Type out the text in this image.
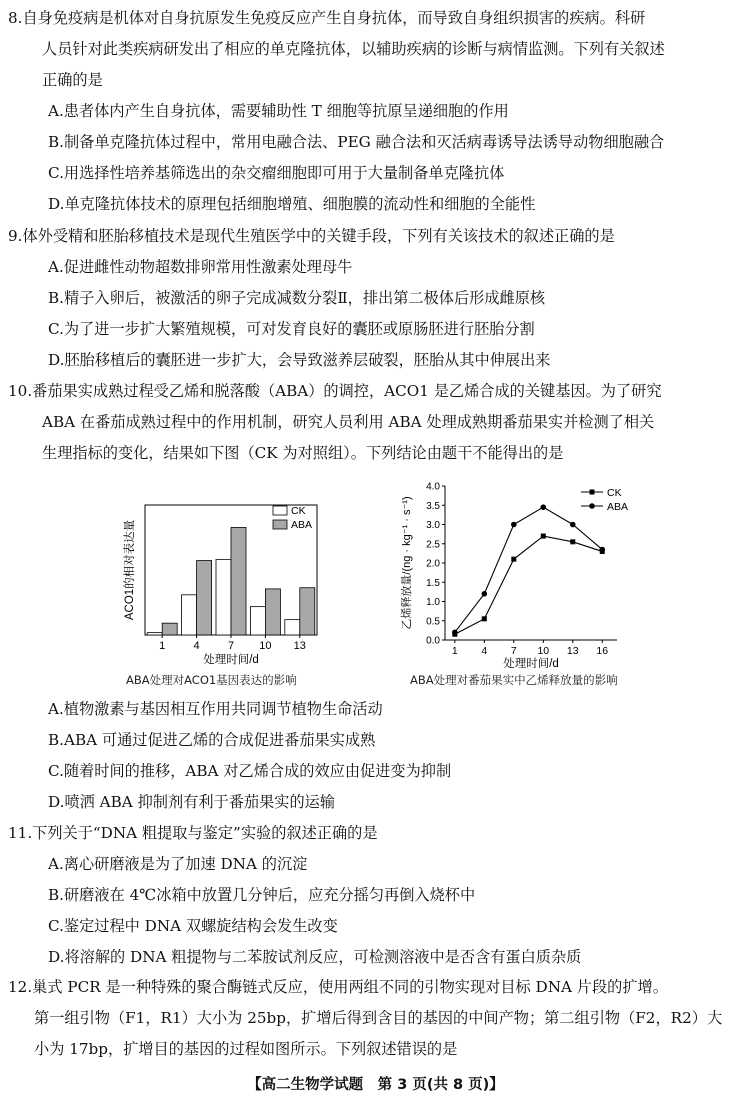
8.自身免疫病是机体对自身抗原发生免疫反应产生自身抗体，而导致自身组织损害的疾病。科研

人员针对此类疾病研发出了相应的单克隆抗体，以辅助疾病的诊断与病情监测。下列有关叙述

正确的是

A.患者体内产生自身抗体，需要辅助性 T 细胞等抗原呈递细胞的作用

B.制备单克隆抗体过程中，常用电融合法、PEG 融合法和灭活病毒诱导法诱导动物细胞融合

C.用选择性培养基筛选出的杂交瘤细胞即可用于大量制备单克隆抗体

D.单克隆抗体技术的原理包括细胞增殖、细胞膜的流动性和细胞的全能性

9.体外受精和胚胎移植技术是现代生殖医学中的关键手段，下列有关该技术的叙述正确的是

A.促进雌性动物超数排卵常用性激素处理母牛

B.精子入卵后，被激活的卵子完成减数分裂Ⅱ，排出第二极体后形成雌原核

C.为了进一步扩大繁殖规模，可对发育良好的囊胚或原肠胚进行胚胎分割

D.胚胎移植后的囊胚进一步扩大，会导致滋养层破裂，胚胎从其中伸展出来

10.番茄果实成熟过程受乙烯和脱落酸（ABA）的调控，ACO1 是乙烯合成的关键基因。为了研究

ABA 在番茄成熟过程中的作用机制，研究人员利用 ABA 处理成熟期番茄果实并检测了相关

生理指标的变化，结果如下图（CK 为对照组）。下列结论由题干不能得出的是

1	4	7 10 13
CK
ABA
处理时间/d
ACO1的相对表达量
ABA处理对ACO1基因表达的影响
0.0
0.5
1.0
1.5
2.0
2.5
3.0
3.5
4.0
1 4 7 10 13 16
CK
ABA
处理时间/d
乙烯释放量/(ng · kg⁻¹ · s⁻¹)
ABA处理对番茄果实中乙烯释放量的影响

A.植物激素与基因相互作用共同调节植物生命活动

B.ABA 可通过促进乙烯的合成促进番茄果实成熟

C.随着时间的推移，ABA 对乙烯合成的效应由促进变为抑制

D.喷洒 ABA 抑制剂有利于番茄果实的运输

11.下列关于“DNA 粗提取与鉴定”实验的叙述正确的是

A.离心研磨液是为了加速 DNA 的沉淀

B.研磨液在 4℃冰箱中放置几分钟后，应充分摇匀再倒入烧杯中

C.鉴定过程中 DNA 双螺旋结构会发生改变

D.将溶解的 DNA 粗提物与二苯胺试剂反应，可检测溶液中是否含有蛋白质杂质

12.巢式 PCR 是一种特殊的聚合酶链式反应，使用两组不同的引物实现对目标 DNA 片段的扩增。

第一组引物（F1，R1）大小为 25bp，扩增后得到含目的基因的中间产物；第二组引物（F2，R2）大

小为 17bp，扩增目的基因的过程如图所示。下列叙述错误的是

【高二生物学试题　第 3 页(共 8 页)】
